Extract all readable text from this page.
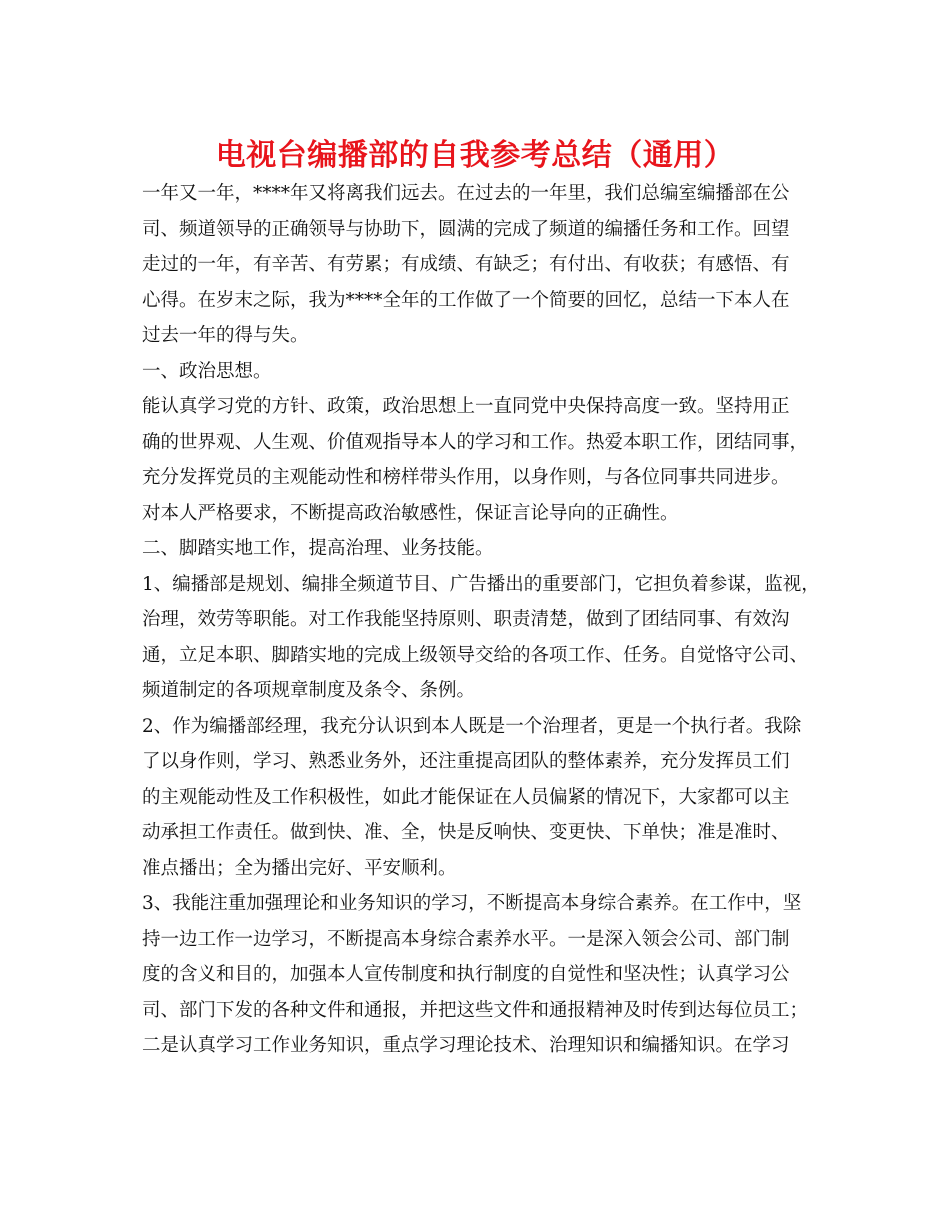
电视台编播部的自我参考总结（通用）
一年又一年，****年又将离我们远去。在过去的一年里，我们总编室编播部在公
司、频道领导的正确领导与协助下，圆满的完成了频道的编播任务和工作。回望
走过的一年，有辛苦、有劳累；有成绩、有缺乏；有付出、有收获；有感悟、有
心得。在岁末之际，我为****全年的工作做了一个简要的回忆，总结一下本人在
过去一年的得与失。
一、政治思想。
能认真学习党的方针、政策，政治思想上一直同党中央保持高度一致。坚持用正
确的世界观、人生观、价值观指导本人的学习和工作。热爱本职工作，团结同事，
充分发挥党员的主观能动性和榜样带头作用，以身作则，与各位同事共同进步。
对本人严格要求，不断提高政治敏感性，保证言论导向的正确性。
二、脚踏实地工作，提高治理、业务技能。
1、编播部是规划、编排全频道节目、广告播出的重要部门，它担负着参谋，监视，
治理，效劳等职能。对工作我能坚持原则、职责清楚，做到了团结同事、有效沟
通，立足本职、脚踏实地的完成上级领导交给的各项工作、任务。自觉恪守公司、
频道制定的各项规章制度及条令、条例。
2、作为编播部经理，我充分认识到本人既是一个治理者，更是一个执行者。我除
了以身作则，学习、熟悉业务外，还注重提高团队的整体素养，充分发挥员工们
的主观能动性及工作积极性，如此才能保证在人员偏紧的情况下，大家都可以主
动承担工作责任。做到快、准、全，快是反响快、变更快、下单快；准是准时、
准点播出；全为播出完好、平安顺利。
3、我能注重加强理论和业务知识的学习，不断提高本身综合素养。在工作中，坚
持一边工作一边学习，不断提高本身综合素养水平。一是深入领会公司、部门制
度的含义和目的，加强本人宣传制度和执行制度的自觉性和坚决性；认真学习公
司、部门下发的各种文件和通报，并把这些文件和通报精神及时传到达每位员工；
二是认真学习工作业务知识，重点学习理论技术、治理知识和编播知识。在学习
